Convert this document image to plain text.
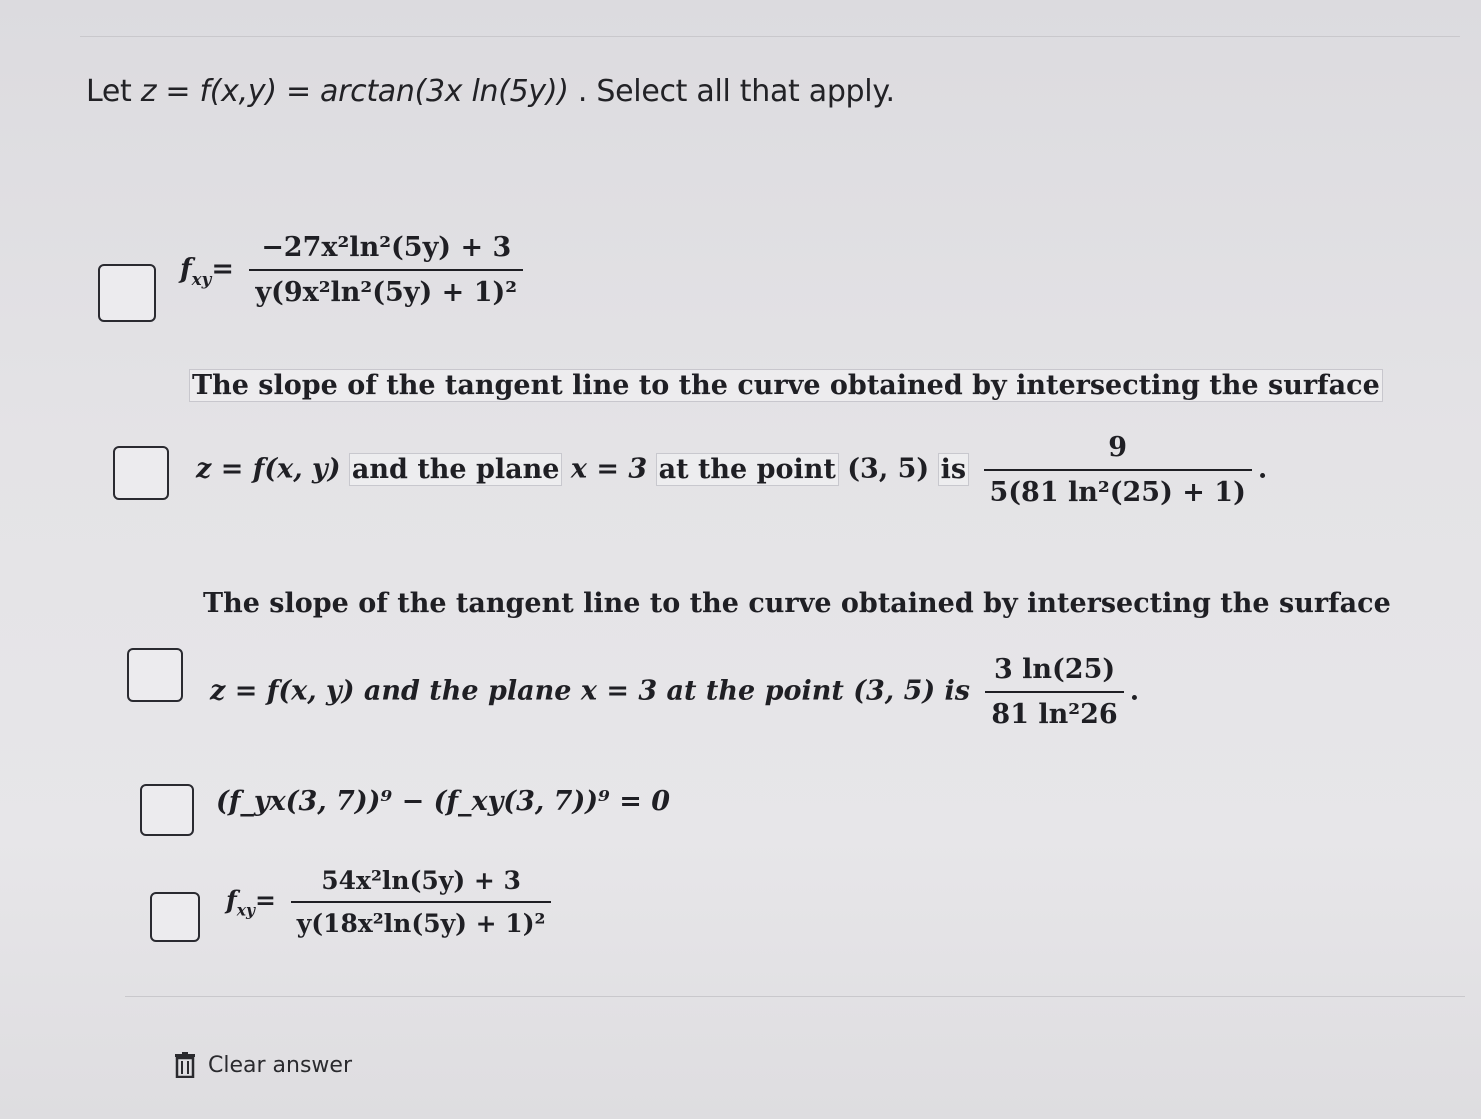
Let z = f(x,y) = arctan(3x ln(5y)) . Select all that apply.
$f_{xy}= \frac{\text{−27x²ln²(5y) + 3}}{\text{y(9x²ln²(5y) + 1)²}}$
The slope of the tangent line to the curve obtained by intersecting the surface
z = f(x, y) and the plane x = 3 at the point (3, 5) is $\frac{9}{\text{5(81 ln²(25) + 1)}}$ .
The slope of the tangent line to the curve obtained by intersecting the surface
z = f(x, y) and the plane x = 3 at the point (3, 5) is $\frac{3 \ln(25)}{\text{81 ln²26}}$ .
(f_yx(3, 7))⁹ − (f_xy(3, 7))⁹ = 0
$f_{xy}= \frac{\text{54x²ln(5y) + 3}}{\text{y(18x²ln(5y) + 1)²}}$
Clear answer
